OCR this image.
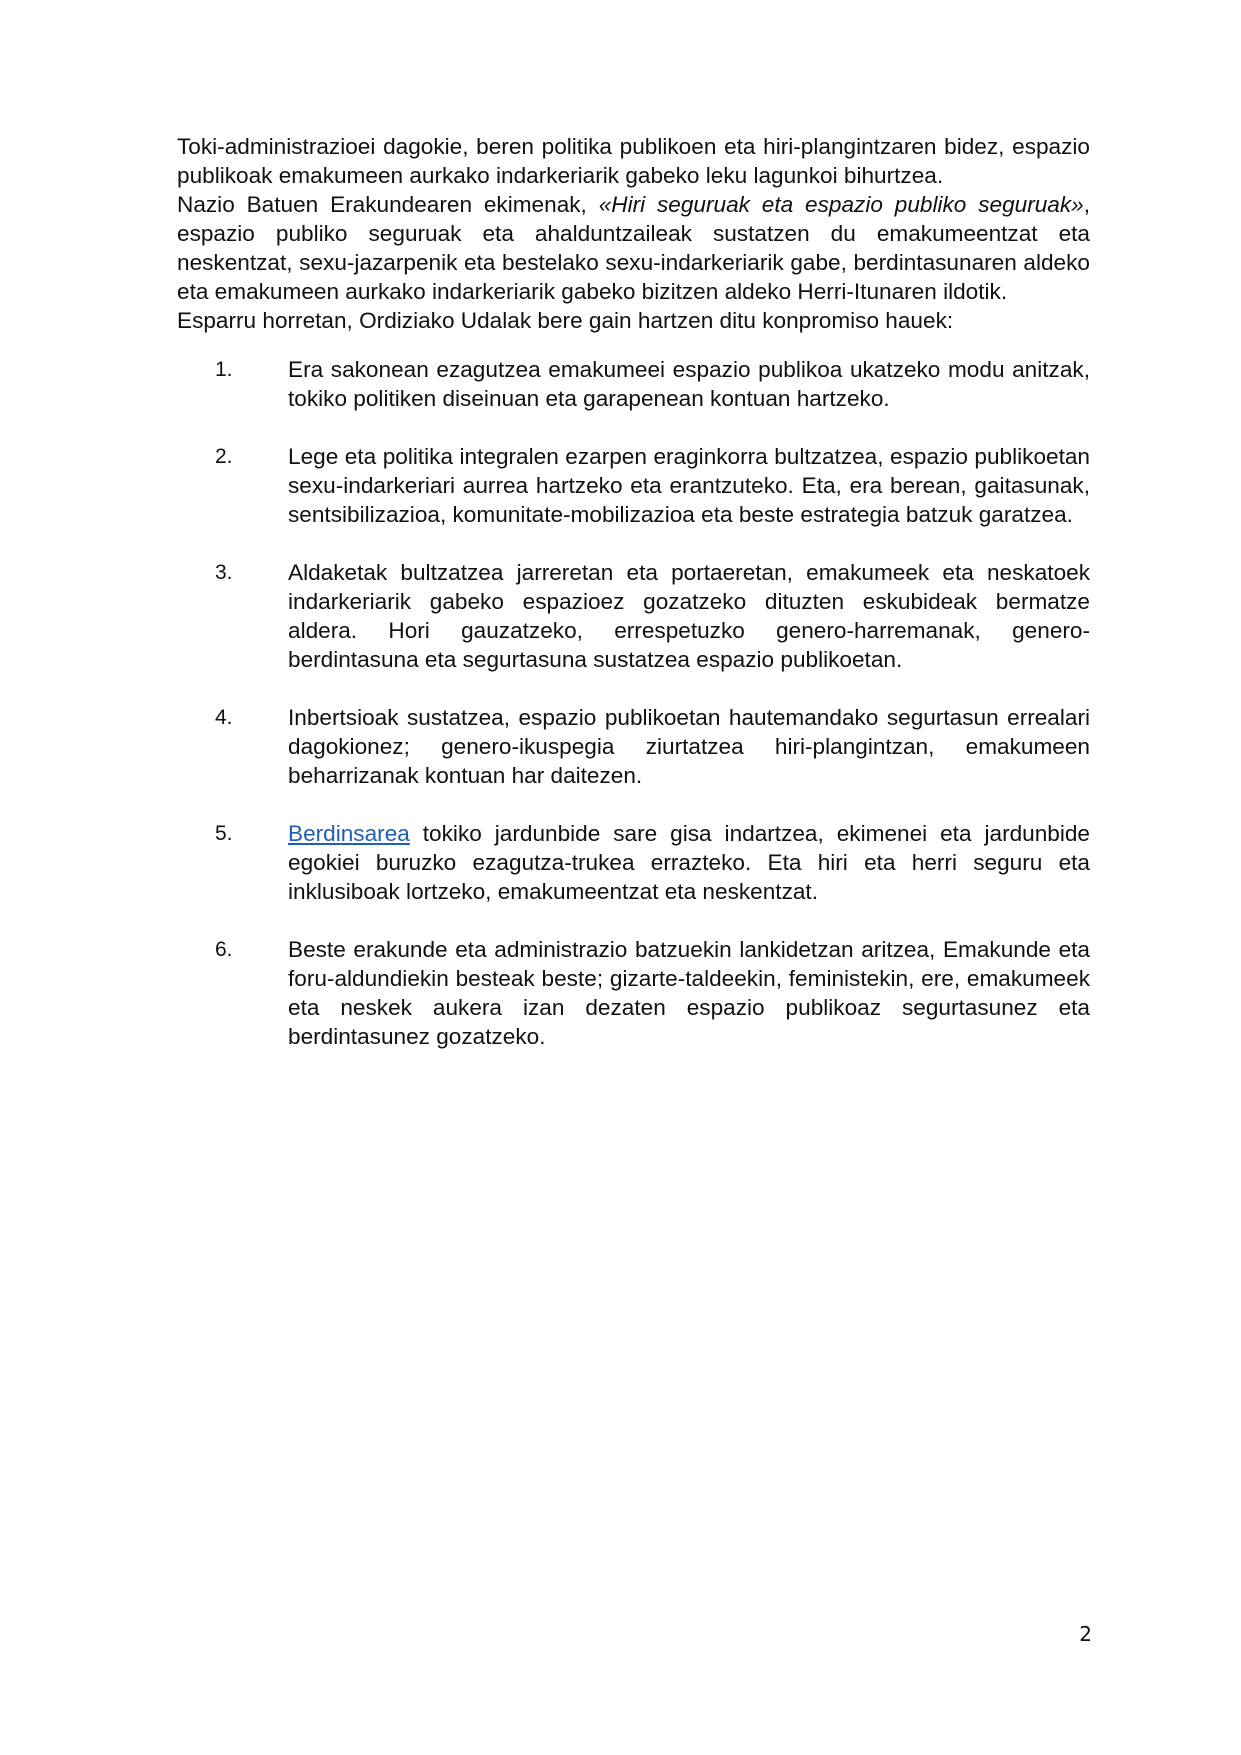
Toki-administrazioei dagokie, beren politika publikoen eta hiri-plangintzaren bidez, espazio publikoak emakumeen aurkako indarkeriarik gabeko leku lagunkoi bihurtzea.

Nazio Batuen Erakundearen ekimenak, «Hiri seguruak eta espazio publiko seguruak», espazio publiko seguruak eta ahalduntzaileak sustatzen du emakumeentzat eta neskentzat, sexu-jazarpenik eta bestelako sexu-indarkeriarik gabe, berdintasunaren aldeko eta emakumeen aurkako indarkeriarik gabeko bizitzen aldeko Herri-Itunaren ildotik.

Esparru horretan, Ordiziako Udalak bere gain hartzen ditu konpromiso hauek:

1.	Era sakonean ezagutzea emakumeei espazio publikoa ukatzeko modu anitzak, tokiko politiken diseinuan eta garapenean kontuan hartzeko.
2.	Lege eta politika integralen ezarpen eraginkorra bultzatzea, espazio publikoetan sexu-indarkeriari aurrea hartzeko eta erantzuteko. Eta, era berean, gaitasunak, sentsibilizazioa, komunitate-mobilizazioa eta beste estrategia batzuk garatzea.
3.	Aldaketak bultzatzea jarreretan eta portaeretan, emakumeek eta neskatoek indarkeriarik gabeko espazioez gozatzeko dituzten eskubideak bermatze aldera. Hori gauzatzeko, errespetuzko genero-harremanak, genero-berdintasuna eta segurtasuna sustatzea espazio publikoetan.
4.	Inbertsioak sustatzea, espazio publikoetan hautemandako segurtasun errealari dagokionez; genero-ikuspegia ziurtatzea hiri-plangintzan, emakumeen beharrizanak kontuan har daitezen.
5.	Berdinsarea tokiko jardunbide sare gisa indartzea, ekimenei eta jardunbide egokiei buruzko ezagutza-trukea errazteko. Eta hiri eta herri seguru eta inklusiboak lortzeko, emakumeentzat eta neskentzat.
6.	Beste erakunde eta administrazio batzuekin lankidetzan aritzea, Emakunde eta foru-aldundiekin besteak beste; gizarte-taldeekin, feministekin, ere, emakumeek eta neskek aukera izan dezaten espazio publikoaz segurtasunez eta berdintasunez gozatzeko.
2
